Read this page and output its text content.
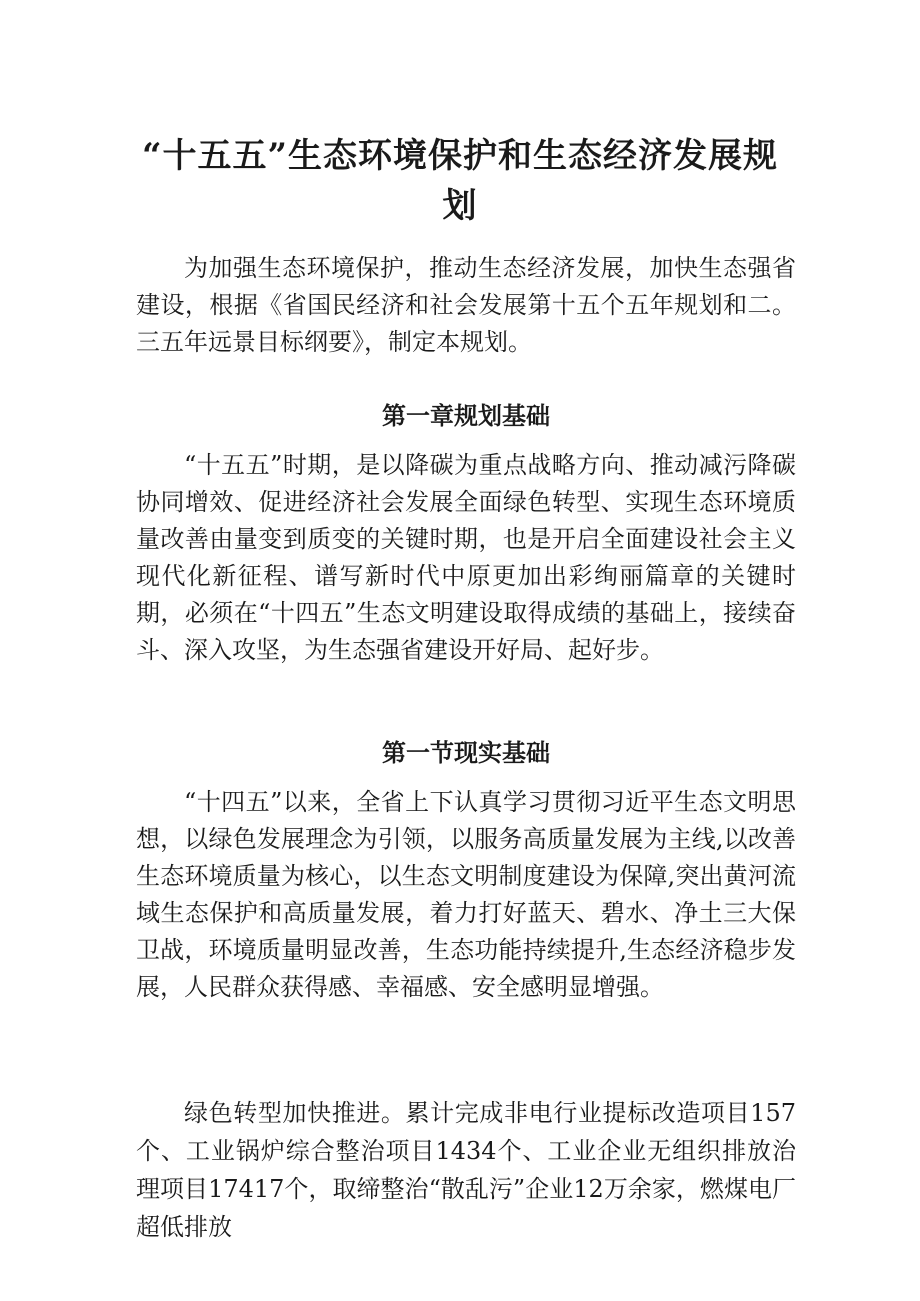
“十五五”生态环境保护和生态经济发展规划

为加强生态环境保护，推动生态经济发展，加快生态强省建设，根据《省国民经济和社会发展第十五个五年规划和二。三五年远景目标纲要》，制定本规划。

第一章规划基础

“十五五”时期，是以降碳为重点战略方向、推动减污降碳协同增效、促进经济社会发展全面绿色转型、实现生态环境质量改善由量变到质变的关键时期，也是开启全面建设社会主义现代化新征程、谱写新时代中原更加出彩绚丽篇章的关键时期，必须在“十四五”生态文明建设取得成绩的基础上，接续奋斗、深入攻坚，为生态强省建设开好局、起好步。

第一节现实基础

“十四五”以来，全省上下认真学习贯彻习近平生态文明思想，以绿色发展理念为引领，以服务高质量发展为主线,以改善生态环境质量为核心，以生态文明制度建设为保障,突出黄河流域生态保护和高质量发展，着力打好蓝天、碧水、净土三大保卫战，环境质量明显改善，生态功能持续提升,生态经济稳步发展，人民群众获得感、幸福感、安全感明显增强。

绿色转型加快推进。累计完成非电行业提标改造项目157个、工业锅炉综合整治项目1434个、工业企业无组织排放治理项目17417个，取缔整治“散乱污”企业12万余家，燃煤电厂超低排放
